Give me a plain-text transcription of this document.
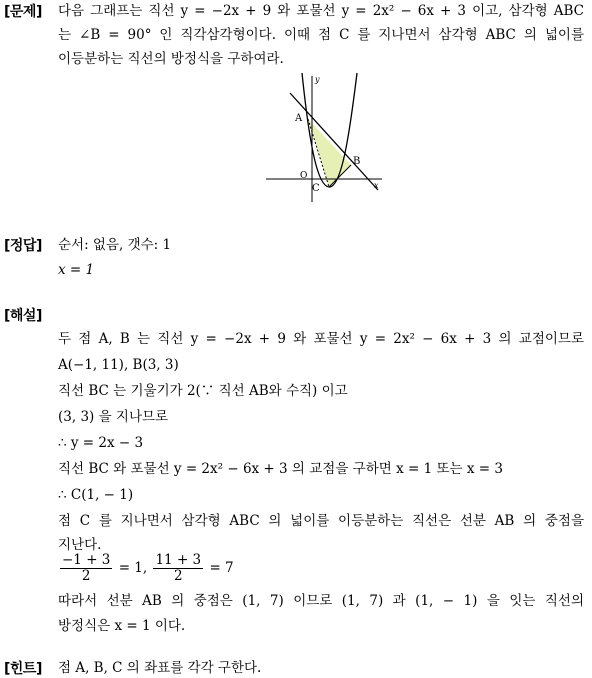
[문제] 다음 그래프는 직선 y = −2x + 9 와 포물선 y = 2x² − 6x + 3 이고, 삼각형 ABC
는 ∠B = 90° 인 직각삼각형이다. 이때 점 C 를 지나면서 삼각형 ABC 의 넓이를
이등분하는 직선의 방정식을 구하여라.
A
B
C
O
x
y
[정답] 순서: 없음, 갯수: 1
x = 1
[해설]
두 점 A, B 는 직선 y = −2x + 9 와 포물선 y = 2x² − 6x + 3 의 교점이므로
A(−1, 11), B(3, 3)
직선 BC 는 기울기가 2(∵ 직선 AB와 수직) 이고
(3, 3) 을 지나므로
∴ y = 2x − 3
직선 BC 와 포물선 y = 2x² − 6x + 3 의 교점을 구하면 x = 1 또는 x = 3
∴ C(1, − 1)
점 C 를 지나면서 삼각형 ABC 의 넓이를 이등분하는 직선은 선분 AB 의 중점을
지난다.
$\frac{-1 + 3}{2} = 1$, $\frac{11 + 3}{2} = 7$
따라서 선분 AB 의 중점은 (1, 7) 이므로 (1, 7) 과 (1, − 1) 을 잇는 직선의
방정식은 x = 1 이다.
[힌트] 점 A, B, C 의 좌표를 각각 구한다.
